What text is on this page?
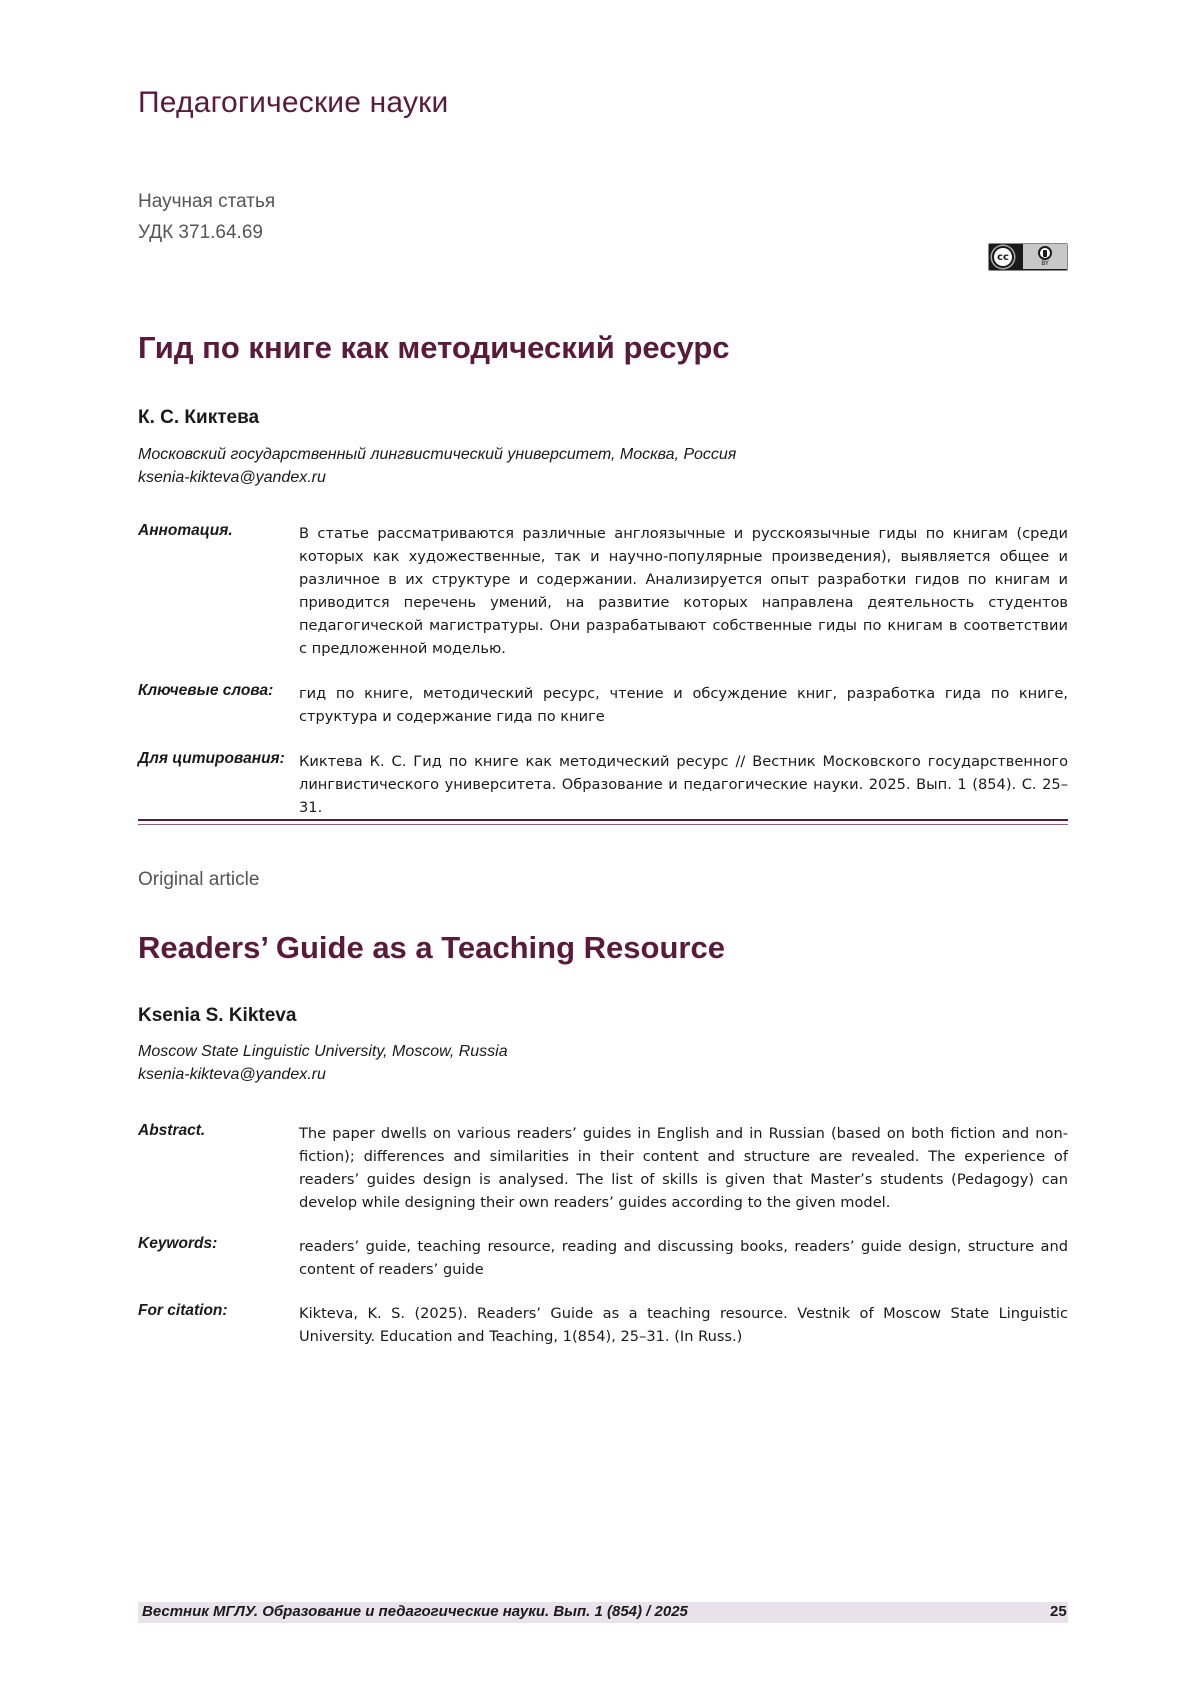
Педагогические науки
Научная статья
УДК 371.64.69
cc
BY
Гид по книге как методический ресурс
К. С. Киктева
Московский государственный лингвистический университет, Москва, Россия
ksenia-kikteva@yandex.ru
Аннотация.	В статье рассматриваются различные англоязычные и русскоязычные гиды по книгам (среди которых как художественные, так и научно-популярные произведения), выявляется общее и различное в их структуре и содержании. Анализируется опыт разработки гидов по книгам и приводится перечень умений, на развитие которых направлена деятельность студентов педагогической магистратуры. Они разрабатывают собственные гиды по книгам в соответствии с предложенной моделью.

Ключевые слова: гид по книге, методический ресурс, чтение и обсуждение книг, разработка гида по книге, структура и содержание гида по книге

Для цитирования: Киктева К. С. Гид по книге как методический ресурс // Вестник Московского государственного лингвистического университета. Образование и педагогические науки. 2025. Вып. 1 (854). С. 25–31.

Original article
Readers’ Guide as a Teaching Resource
Ksenia S. Kikteva
Moscow State Linguistic University, Moscow, Russia
ksenia-kikteva@yandex.ru
Abstract.	The paper dwells on various readers’ guides in English and in Russian (based on both fiction and non-fiction); differences and similarities in their content and structure are revealed. The experience of readers’ guides design is analysed. The list of skills is given that Master’s students (Pedagogy) can develop while designing their own readers’ guides according to the given model.

Keywords:	readers’ guide, teaching resource, reading and discussing books, readers’ guide design, structure and content of readers’ guide

For citation:	Kikteva, K. S. (2025). Readers’ Guide as a teaching resource. Vestnik of Moscow State Linguistic University. Education and Teaching, 1(854), 25–31. (In Russ.)

Вестник МГЛУ. Образование и педагогические науки. Вып. 1 (854) / 2025	25
